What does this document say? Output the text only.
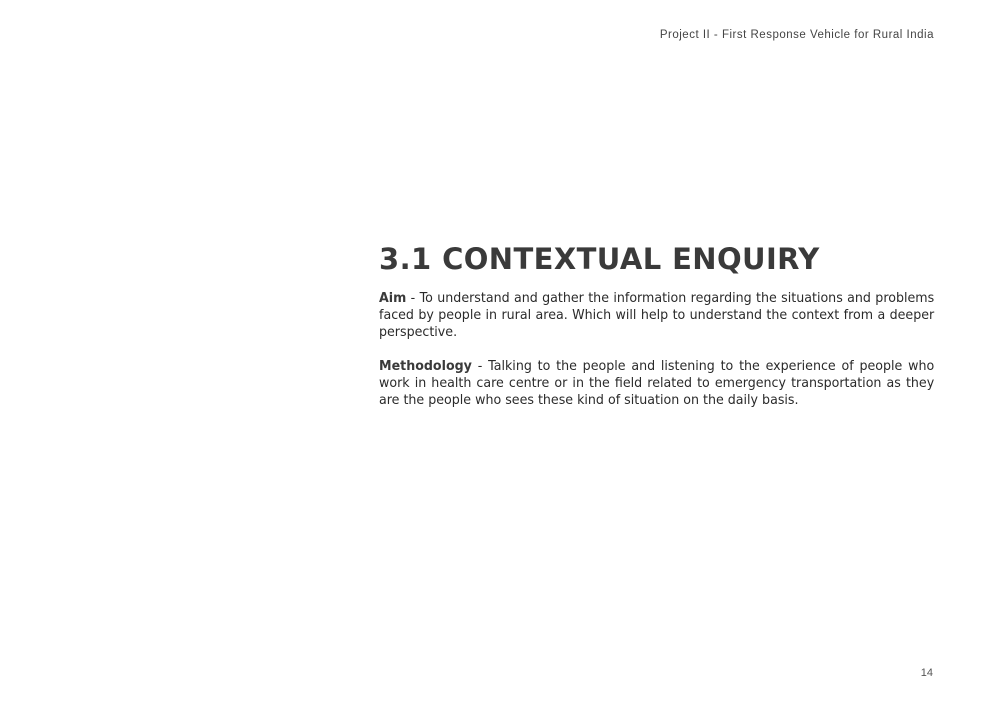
Project II - First Response Vehicle for Rural India
3.1 CONTEXTUAL ENQUIRY

Aim - To understand and gather the information regarding the situations and problems faced by people in rural area. Which will help to understand the context from a deeper perspective.

Methodology - Talking to the people and listening to the experience of people who work in health care centre or in the field related to emergency transportation as they are the people who sees these kind of situation on the daily basis.

14
